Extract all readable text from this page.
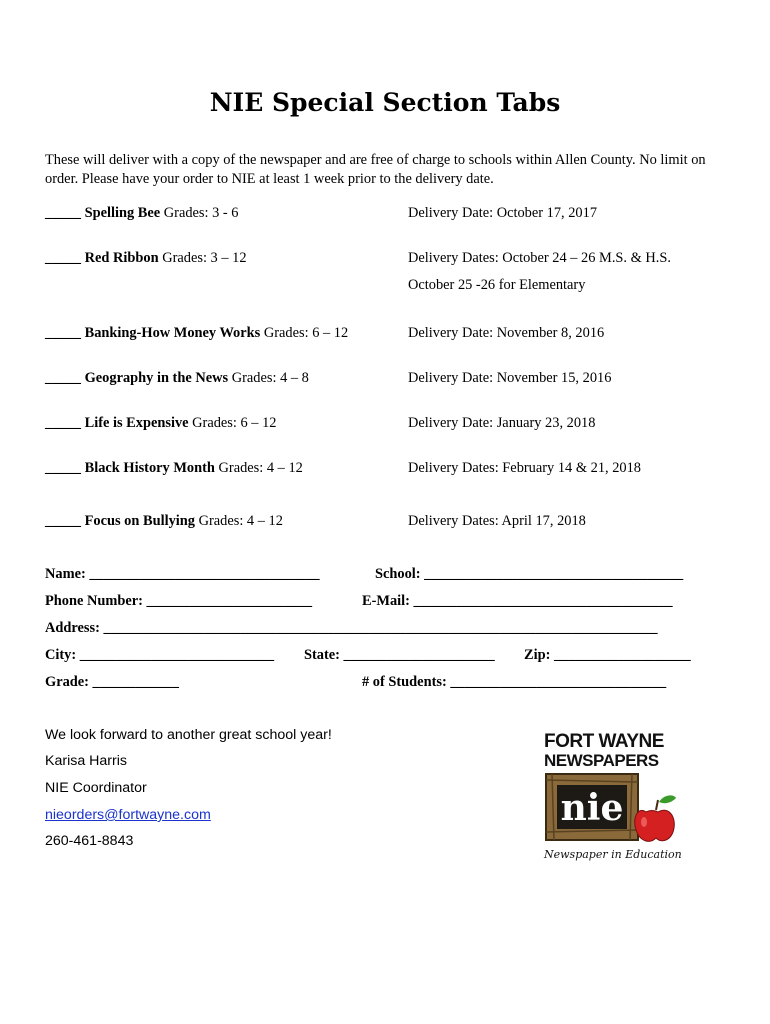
NIE Special Section Tabs
These will deliver with a copy of the newspaper and are free of charge to schools within Allen County. No limit on order. Please have your order to NIE at least 1 week prior to the delivery date.
_____ Spelling Bee Grades: 3 - 6	Delivery Date: October 17, 2017
_____ Red Ribbon Grades: 3 – 12	Delivery Dates: October 24 – 26 M.S. & H.S.
October 25 -26 for Elementary
_____ Banking-How Money Works Grades: 6 – 12	Delivery Date: November 8, 2016
_____ Geography in the News Grades: 4 – 8	Delivery Date: November 15, 2016
_____ Life is Expensive Grades: 6 – 12	Delivery Date: January 23, 2018
_____ Black History Month Grades: 4 – 12	Delivery Dates: February 14 & 21, 2018
_____ Focus on Bullying Grades: 4 – 12	Delivery Dates: April 17, 2018
Name: ________________________________	School: ____________________________________
Phone Number: _______________________	E-Mail: ____________________________________
Address: _____________________________________________________________________________
City: ___________________________ State: _____________________ Zip: ___________________
Grade: ____________	# of Students: ______________________________
We look forward to another great school year!
Karisa Harris
NIE Coordinator
nieorders@fortwayne.com
260-461-8843
FORT WAYNE
NEWSPAPERS
nie
Newspaper in Education
